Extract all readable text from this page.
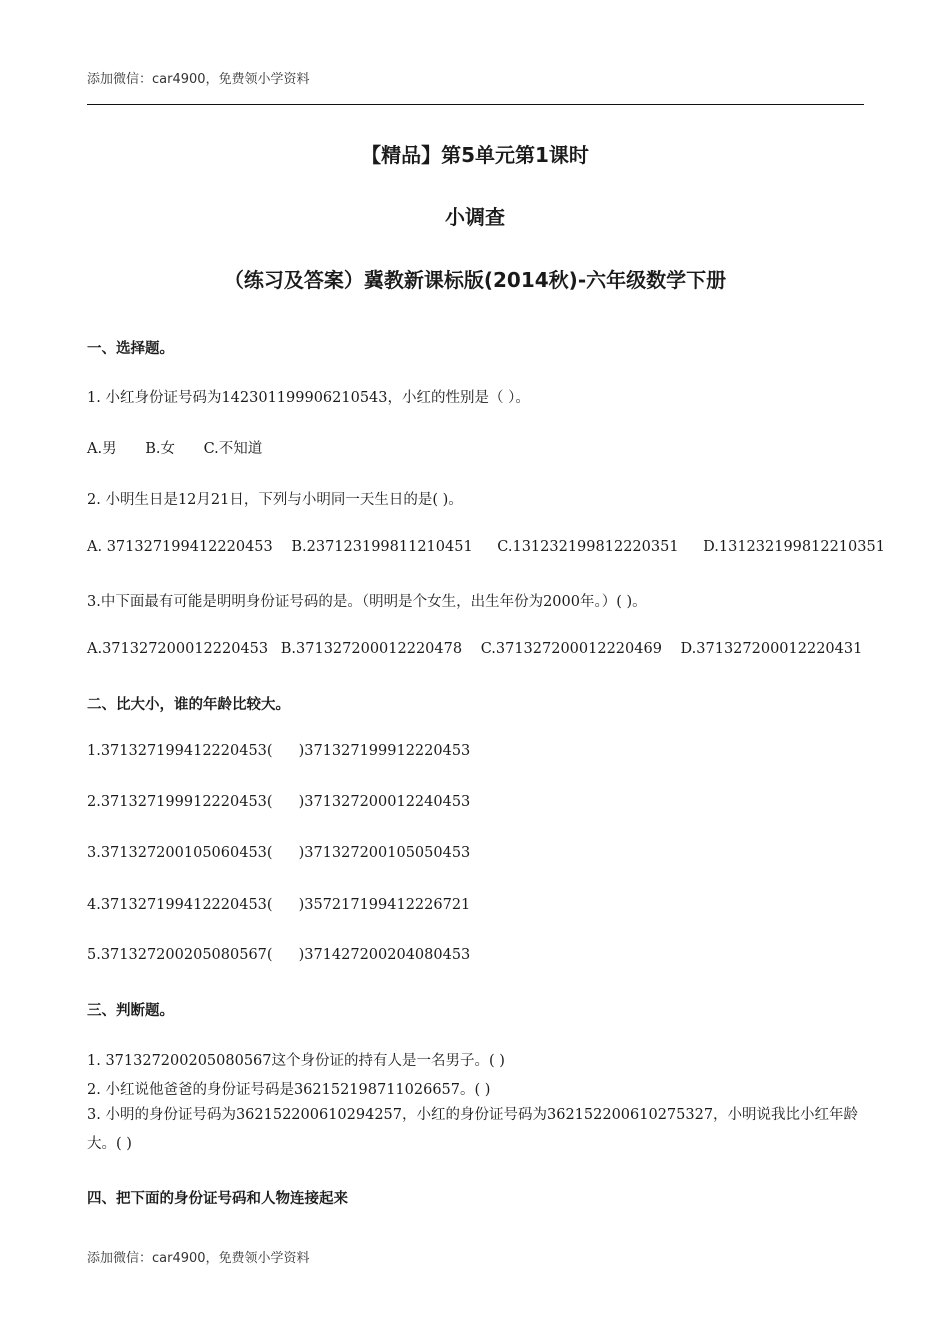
添加微信：car4900，免费领小学资料
【精品】第5单元第1课时
小调查
（练习及答案）冀教新课标版(2014秋)-六年级数学下册
一、选择题。
1. 小红身份证号码为142301199906210543，小红的性别是（ ）。
A.男 B.女 C.不知道
2. 小明生日是12月21日，下列与小明同一天生日的是( )。
A. 371327199412220453 B.237123199811210451 C.131232199812220351 D.131232199812210351
3.中下面最有可能是明明身份证号码的是。（明明是个女生，出生年份为2000年。）( )。
A.371327200012220453 B.371327200012220478 C.371327200012220469 D.371327200012220431
二、比大小，谁的年龄比较大。
1.371327199412220453( )371327199912220453
2.371327199912220453( )371327200012240453
3.371327200105060453( )371327200105050453
4.371327199412220453( )357217199412226721
5.371327200205080567( )371427200204080453
三、判断题。
1. 371327200205080567这个身份证的持有人是一名男子。( )
2. 小红说他爸爸的身份证号码是362152198711026657。( )
3. 小明的身份证号码为362152200610294257，小红的身份证号码为362152200610275327，小明说我比小红年龄大。( )
四、把下面的身份证号码和人物连接起来
添加微信：car4900，免费领小学资料
